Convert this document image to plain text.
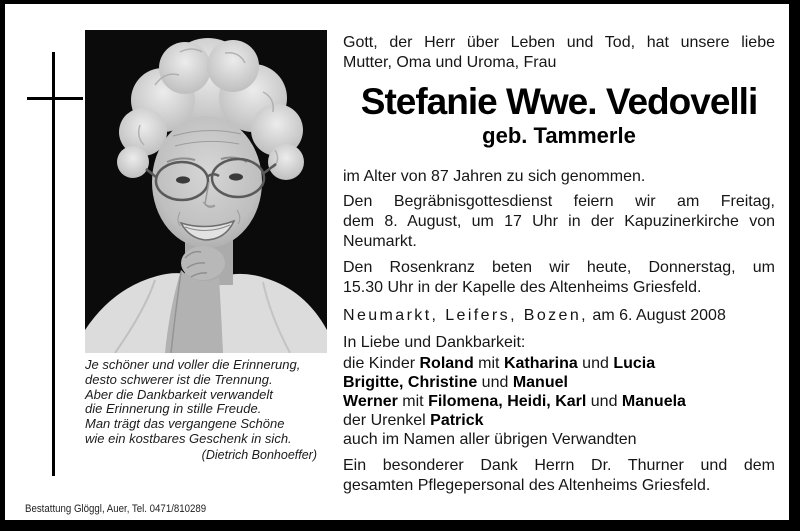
Je schöner und voller die Erinnerung,
desto schwerer ist die Trennung.
Aber die Dankbarkeit verwandelt
die Erinnerung in stille Freude.
Man trägt das vergangene Schöne
wie ein kostbares Geschenk in sich.
(Dietrich Bonhoeffer)
Bestattung Glöggl, Auer, Tel. 0471/810289
Gott, der Herr über Leben und Tod, hat unsere liebe
Mutter, Oma und Uroma, Frau
Stefanie Wwe. Vedovelli
geb. Tammerle
im Alter von 87 Jahren zu sich genommen.
Den Begräbnisgottesdienst feiern wir am Freitag,
dem 8. August, um 17 Uhr in der Kapuzinerkirche von
Neumarkt.
Den Rosenkranz beten wir heute, Donnerstag, um
15.30 Uhr in der Kapelle des Altenheims Griesfeld.
Neumarkt, Leifers, Bozen, am 6. August 2008
In Liebe und Dankbarkeit:
die Kinder Roland mit Katharina und Lucia
Brigitte, Christine und Manuel
Werner mit Filomena, Heidi, Karl und Manuela
der Urenkel Patrick
auch im Namen aller übrigen Verwandten
Ein besonderer Dank Herrn Dr. Thurner und dem
gesamten Pflegepersonal des Altenheims Griesfeld.
